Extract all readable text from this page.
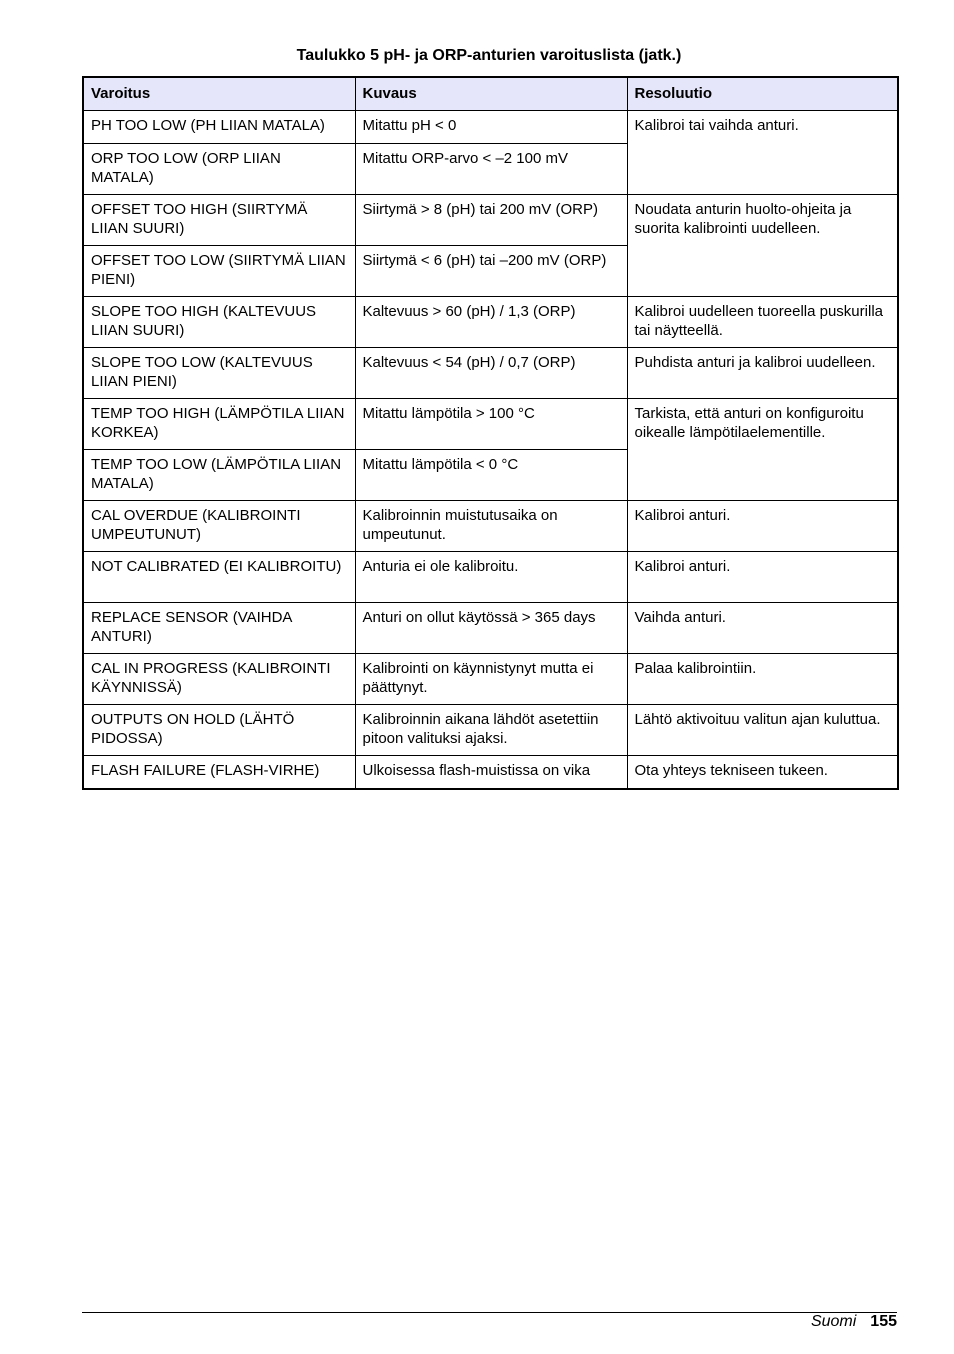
Taulukko 5 pH- ja ORP-anturien varoituslista (jatk.)
Varoitus	Kuvaus	Resoluutio
PH TOO LOW (PH LIIAN MATALA)	Mitattu pH < 0	Kalibroi tai vaihda anturi.
ORP TOO LOW (ORP LIIAN MATALA)	Mitattu ORP-arvo < –2 100 mV	
OFFSET TOO HIGH (SIIRTYMÄ LIIAN SUURI)	Siirtymä > 8 (pH) tai 200 mV (ORP)	Noudata anturin huolto-ohjeita ja suorita kalibrointi uudelleen.
OFFSET TOO LOW (SIIRTYMÄ LIIAN PIENI)	Siirtymä < 6 (pH) tai –200 mV (ORP)	
SLOPE TOO HIGH (KALTEVUUS LIIAN SUURI)	Kaltevuus > 60 (pH) / 1,3 (ORP)	Kalibroi uudelleen tuoreella puskurilla tai näytteellä.
SLOPE TOO LOW (KALTEVUUS LIIAN PIENI)	Kaltevuus < 54 (pH) / 0,7 (ORP)	Puhdista anturi ja kalibroi uudelleen.
TEMP TOO HIGH (LÄMPÖTILA LIIAN KORKEA)	Mitattu lämpötila > 100 °C	Tarkista, että anturi on konfiguroitu oikealle lämpötilaelementille.
TEMP TOO LOW (LÄMPÖTILA LIIAN MATALA)	Mitattu lämpötila < 0 °C	
CAL OVERDUE (KALIBROINTI UMPEUTUNUT)	Kalibroinnin muistutusaika on umpeutunut.	Kalibroi anturi.
NOT CALIBRATED (EI KALIBROITU)	Anturia ei ole kalibroitu.	Kalibroi anturi.
REPLACE SENSOR (VAIHDA ANTURI)	Anturi on ollut käytössä > 365 days	Vaihda anturi.
CAL IN PROGRESS (KALIBROINTI KÄYNNISSÄ)	Kalibrointi on käynnistynyt mutta ei päättynyt.	Palaa kalibrointiin.
OUTPUTS ON HOLD (LÄHTÖ PIDOSSA)	Kalibroinnin aikana lähdöt asetettiin pitoon valituksi ajaksi.	Lähtö aktivoituu valitun ajan kuluttua.
FLASH FAILURE (FLASH-VIRHE)	Ulkoisessa flash-muistissa on vika	Ota yhteys tekniseen tukeen.
Suomi 155
